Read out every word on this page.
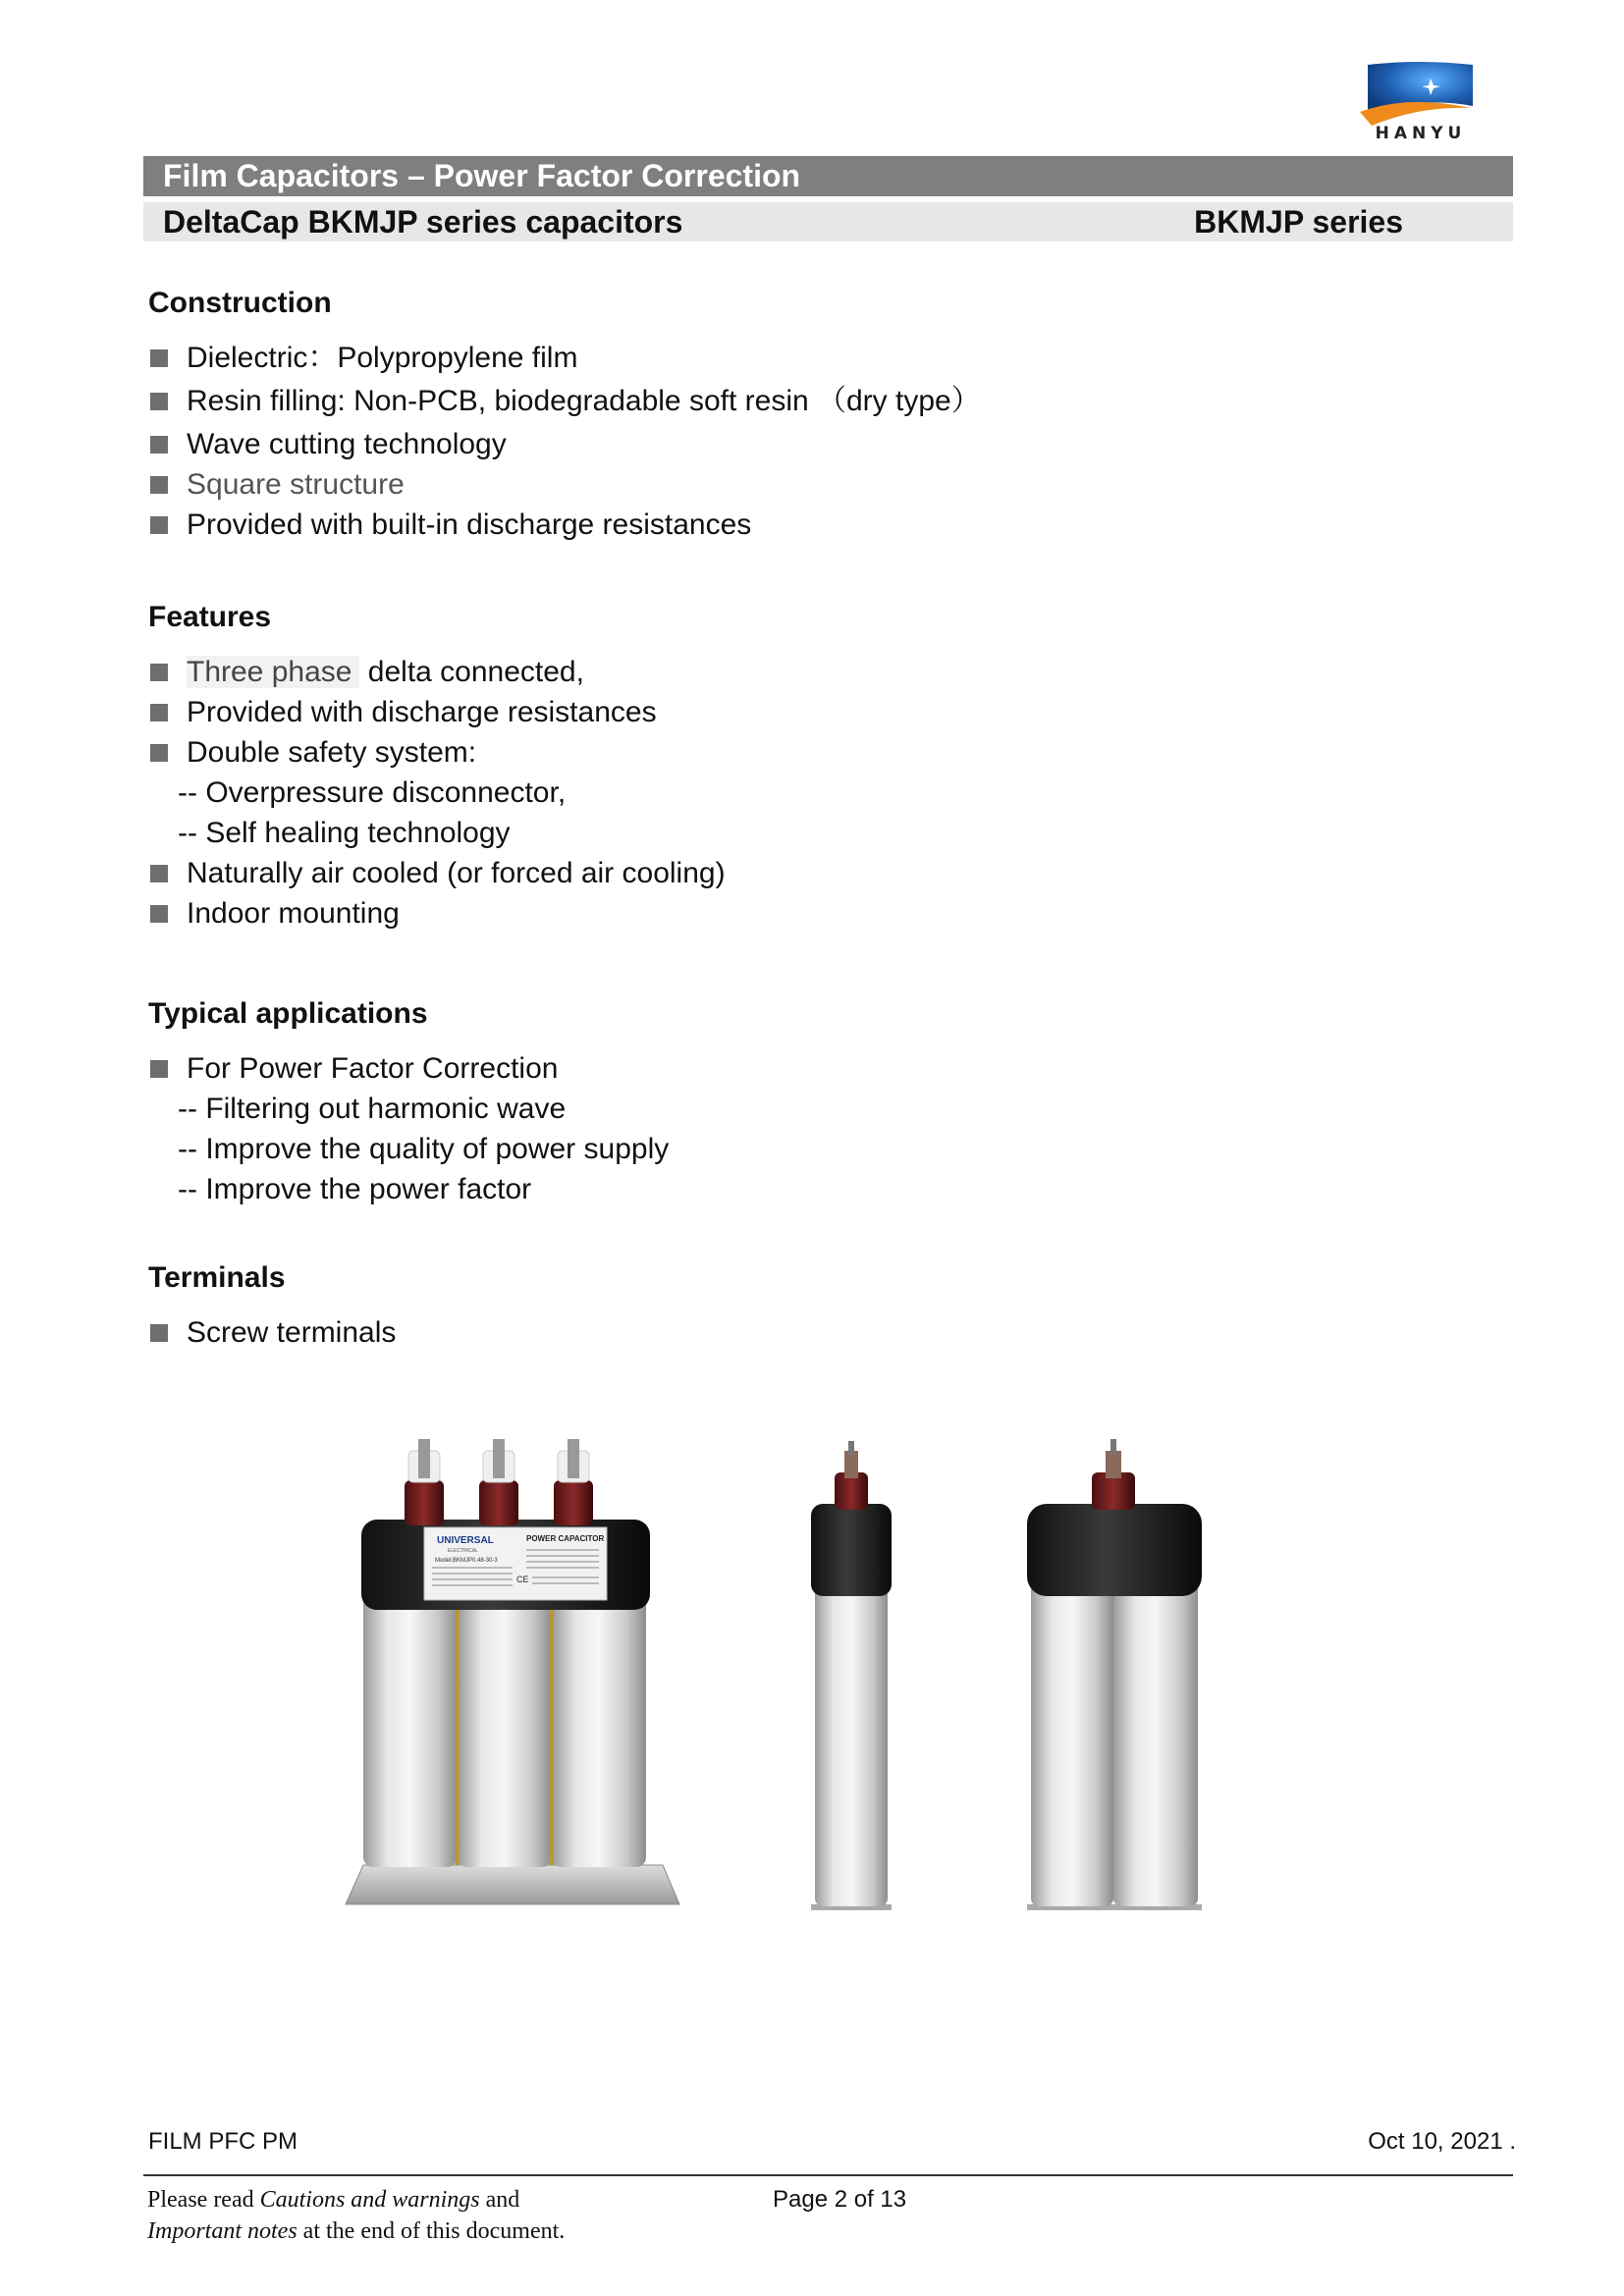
HANYU
Film Capacitors – Power Factor Correction
DeltaCap BKMJP series capacitors	BKMJP series
Construction
Dielectric：Polypropylene film
Resin filling: Non-PCB, biodegradable soft resin （dry type）
Wave cutting technology
Square structure
Provided with built-in discharge resistances
Features
Three phase delta connected,
Provided with discharge resistances
Double safety system:
-- Overpressure disconnector,
-- Self healing technology
Naturally air cooled (or forced air cooling)
Indoor mounting
Typical applications
For Power Factor Correction
-- Filtering out harmonic wave
-- Improve the quality of power supply
-- Improve the power factor
Terminals
Screw terminals
UNIVERSAL
ELECTRICAL
POWER CAPACITOR
Model:BKMJP0.48-30-3
CE
FILM PFC PM	Oct 10, 2021 .
Please read Cautions and warnings and
Important notes at the end of this document.
Page 2 of 13
